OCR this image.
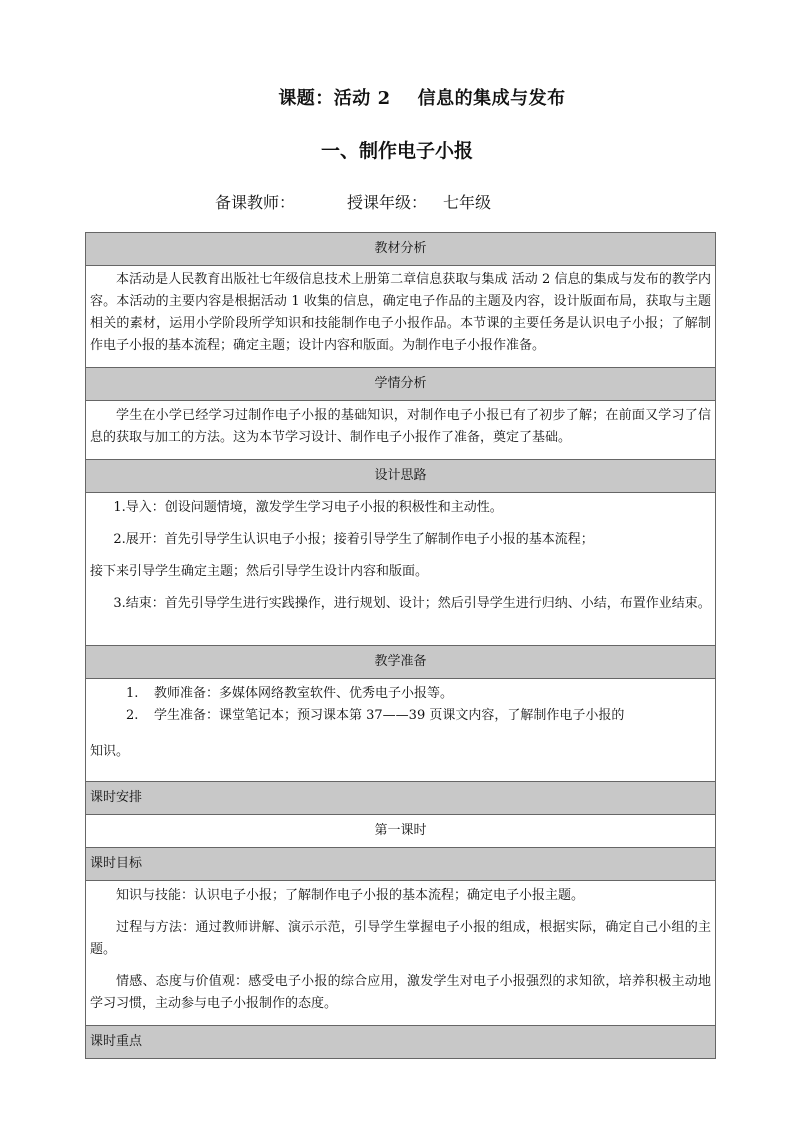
课题：活动 2    信息的集成与发布
一、制作电子小报
备课教师：	授课年级： 七年级
教材分析

本活动是人民教育出版社七年级信息技术上册第二章信息获取与集成 活动 2 信息的集成与发布的教学内容。本活动的主要内容是根据活动 1 收集的信息，确定电子作品的主题及内容，设计版面布局，获取与主题相关的素材，运用小学阶段所学知识和技能制作电子小报作品。本节课的主要任务是认识电子小报；了解制作电子小报的基本流程；确定主题；设计内容和版面。为制作电子小报作准备。

学情分析

学生在小学已经学习过制作电子小报的基础知识，对制作电子小报已有了初步了解；在前面又学习了信息的获取与加工的方法。这为本节学习设计、制作电子小报作了准备，奠定了基础。

设计思路

1.导入：创设问题情境，激发学生学习电子小报的积极性和主动性。

2.展开：首先引导学生认识电子小报；接着引导学生了解制作电子小报的基本流程；

接下来引导学生确定主题；然后引导学生设计内容和版面。

3.结束：首先引导学生进行实践操作，进行规划、设计；然后引导学生进行归纳、小结，布置作业结束。

教学准备

1. 教师准备：多媒体网络教室软件、优秀电子小报等。

2. 学生准备：课堂笔记本；预习课本第 37——39 页课文内容，了解制作电子小报的

知识。

课时安排
第一课时
课时目标

知识与技能：认识电子小报；了解制作电子小报的基本流程；确定电子小报主题。

过程与方法：通过教师讲解、演示示范，引导学生掌握电子小报的组成，根据实际，确定自己小组的主题。

情感、态度与价值观：感受电子小报的综合应用，激发学生对电子小报强烈的求知欲，培养积极主动地学习习惯，主动参与电子小报制作的态度。

课时重点
